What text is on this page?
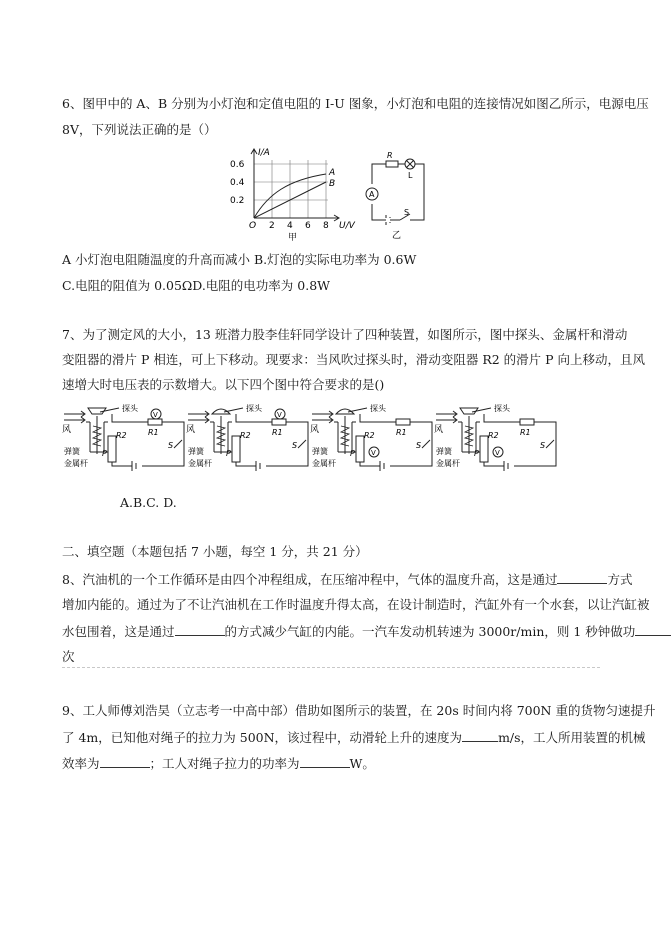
6、图甲中的 A、B 分别为小灯泡和定值电阻的 I-U 图象，小灯泡和电阻的连接情况如图乙所示，电源电压
8V，下列说法正确的是（）
I/A
0.6
0.4
0.2
O 2 4 6 8 U/V
A
B
甲
R
L
A
S
乙
A 小灯泡电阻随温度的升高而减小 B.灯泡的实际电功率为 0.6W
C.电阻的阻值为 0.05ΩD.电阻的电功率为 0.8W
7、为了测定风的大小，13 班潜力股李佳轩同学设计了四种装置，如图所示，图中探头、金属杆和滑动
变阻器的滑片 P 相连，可上下移动。现要求：当风吹过探头时，滑动变阻器 R2 的滑片 P 向上移动，且风
速增大时电压表的示数增大。以下四个图中符合要求的是()
V	V
V	V
A.B.C. D.
二、填空题（本题包括 7 小题，每空 1 分，共 21 分）
8、汽油机的一个工作循环是由四个冲程组成，在压缩冲程中，气体的温度升高，这是通过	方式
增加内能的。通过为了不让汽油机在工作时温度升得太高，在设计制造时，汽缸外有一个水套，以让汽缸被
水包围着，这是通过	的方式减少气缸的内能。一汽车发动机转速为 3000r/min，则 1 秒钟做功
次
9、工人师傅刘浩昊（立志考一中高中部）借助如图所示的装置，在 20s 时间内将 700N 重的货物匀速提升
了 4m，已知他对绳子的拉力为 500N，该过程中，动滑轮上升的速度为	m/s，工人所用装置的机械
效率为	；工人对绳子拉力的功率为	W。
